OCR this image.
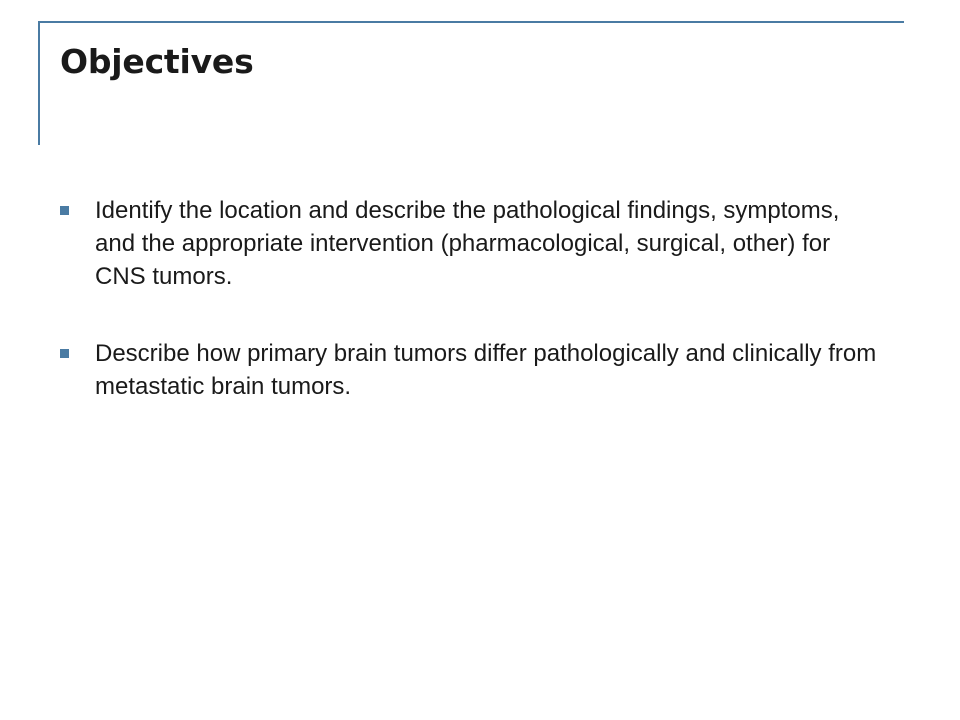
Objectives
Identify the location and describe the pathological findings, symptoms, and the appropriate intervention (pharmacological, surgical, other) for CNS tumors.
Describe how primary brain tumors differ pathologically and clinically from metastatic brain tumors.
